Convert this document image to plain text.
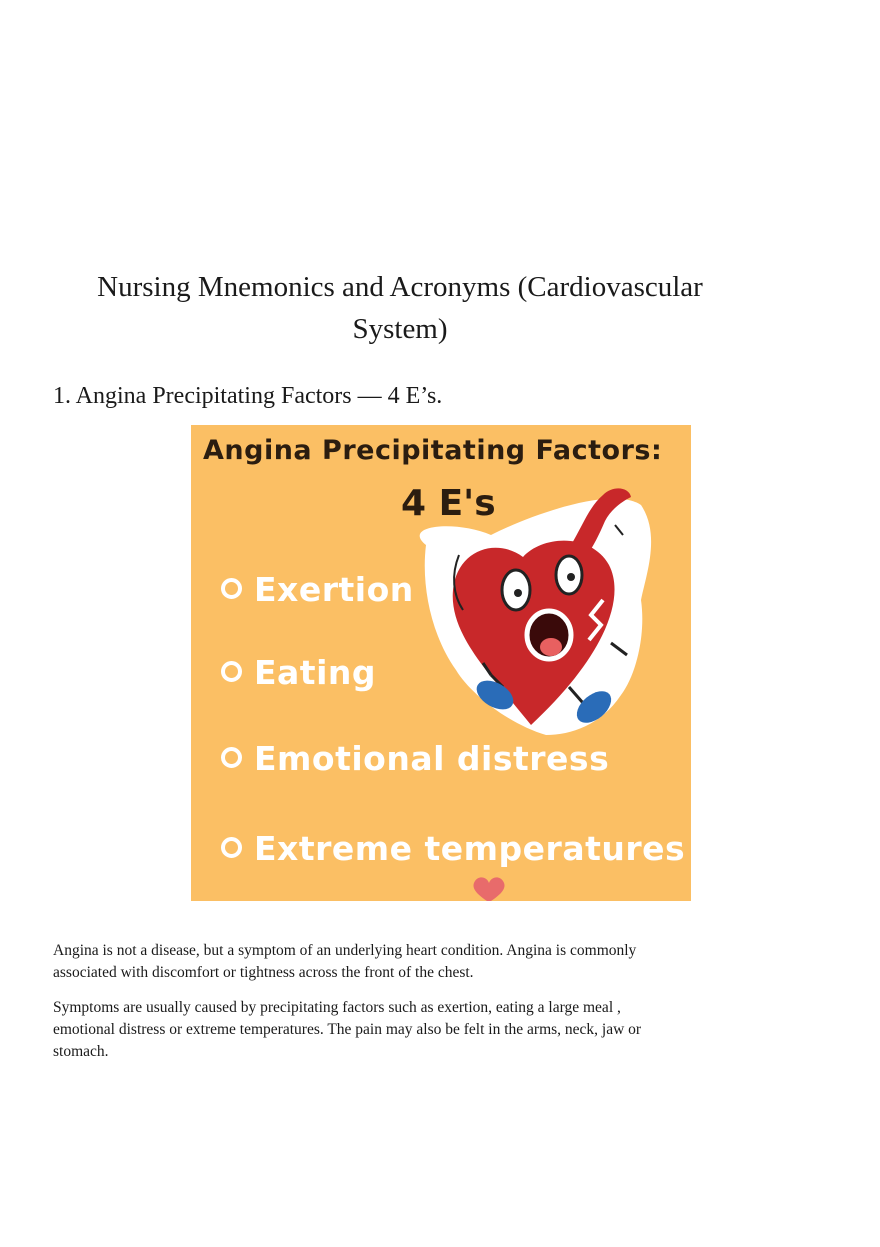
Nursing Mnemonics and Acronyms (Cardiovascular System)
1. Angina Precipitating Factors — 4 E’s.
Angina Precipitating Factors:
4 E's
Exertion
Eating
Emotional distress
Extreme temperatures

Angina is not a disease, but a symptom of an underlying heart condition. Angina is commonly associated with discomfort or tightness across the front of the chest.

Symptoms are usually caused by precipitating factors such as exertion, eating a large meal , emotional distress or extreme temperatures. The pain may also be felt in the arms, neck, jaw or stomach.
